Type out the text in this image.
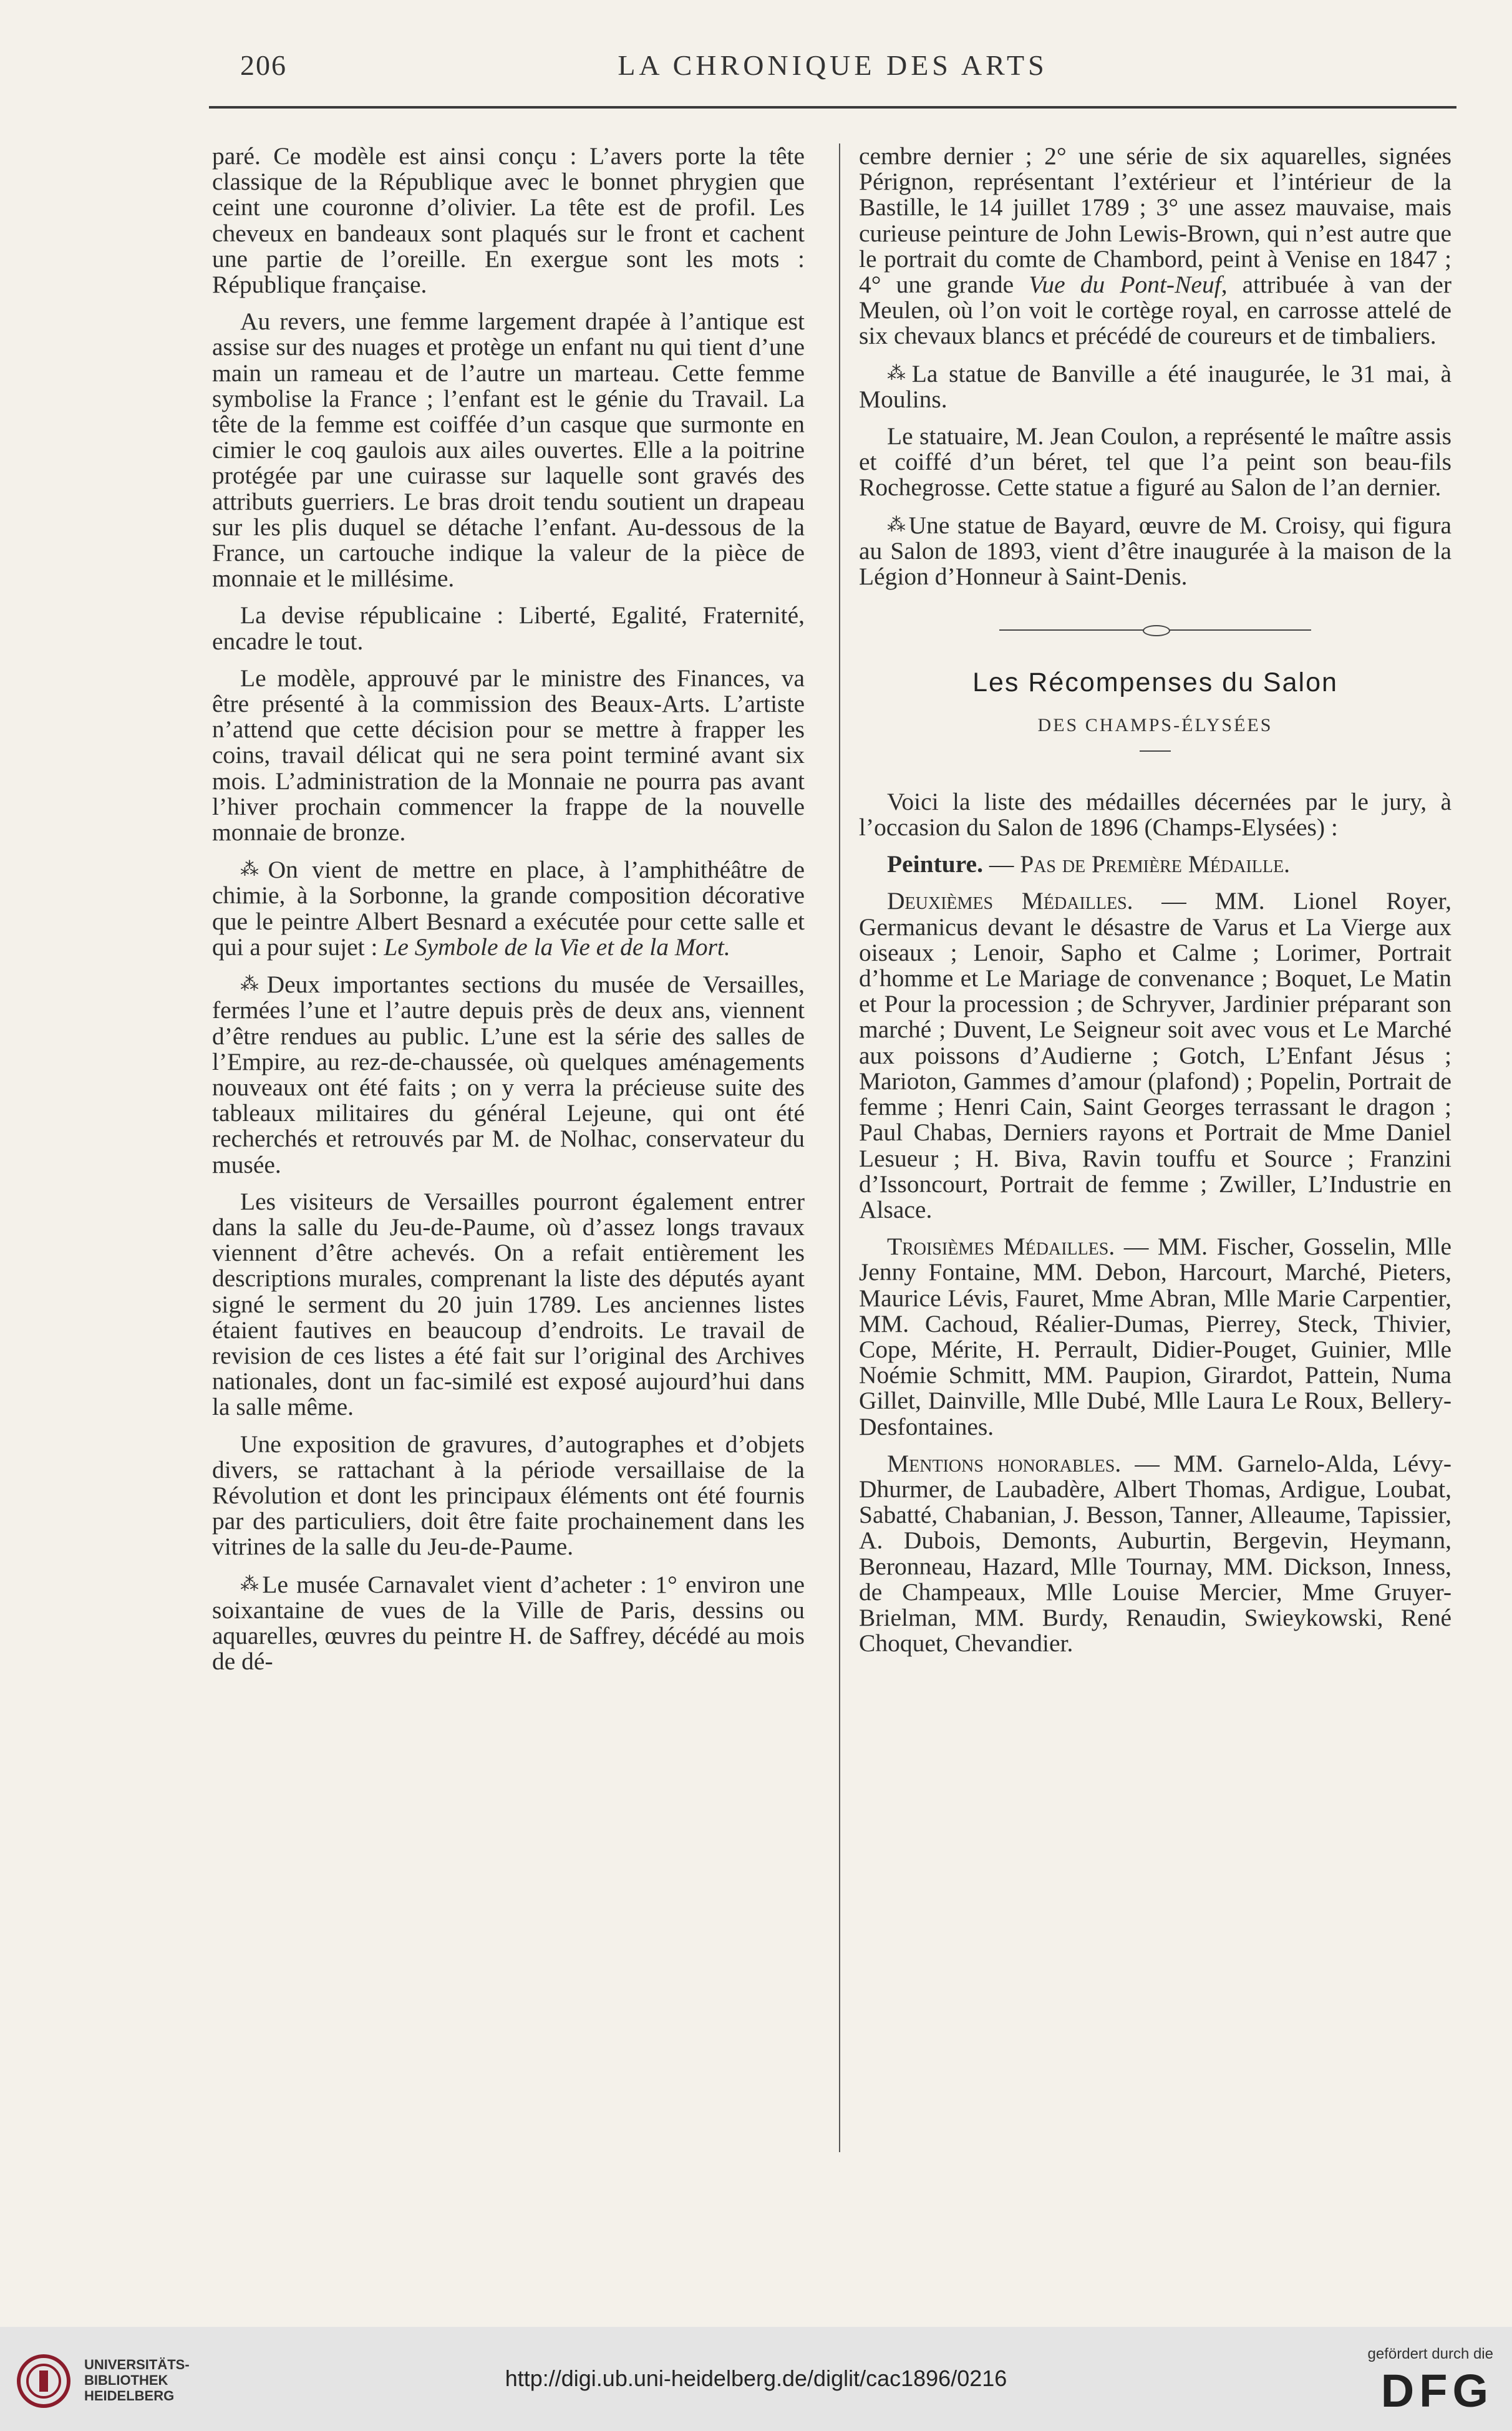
206	LA CHRONIQUE DES ARTS

paré. Ce modèle est ainsi conçu : L’avers porte la tête classique de la République avec le bonnet phrygien que ceint une couronne d’olivier. La tête est de profil. Les cheveux en bandeaux sont plaqués sur le front et cachent une partie de l’oreille. En exergue sont les mots : République française.

Au revers, une femme largement drapée à l’antique est assise sur des nuages et protège un enfant nu qui tient d’une main un rameau et de l’autre un marteau. Cette femme symbolise la France ; l’enfant est le génie du Travail. La tête de la femme est coiffée d’un casque que surmonte en cimier le coq gaulois aux ailes ouvertes. Elle a la poitrine protégée par une cuirasse sur laquelle sont gravés des attributs guerriers. Le bras droit tendu soutient un drapeau sur les plis duquel se détache l’enfant. Au-dessous de la France, un cartouche indique la valeur de la pièce de monnaie et le millésime.

La devise républicaine : Liberté, Egalité, Fraternité, encadre le tout.

Le modèle, approuvé par le ministre des Finances, va être présenté à la commission des Beaux-Arts. L’artiste n’attend que cette décision pour se mettre à frapper les coins, travail délicat qui ne sera point terminé avant six mois. L’administration de la Monnaie ne pourra pas avant l’hiver prochain commencer la frappe de la nouvelle monnaie de bronze.

⁂ On vient de mettre en place, à l’amphithéâtre de chimie, à la Sorbonne, la grande composition décorative que le peintre Albert Besnard a exécutée pour cette salle et qui a pour sujet : Le Symbole de la Vie et de la Mort.

⁂ Deux importantes sections du musée de Versailles, fermées l’une et l’autre depuis près de deux ans, viennent d’être rendues au public. L’une est la série des salles de l’Empire, au rez-de-chaussée, où quelques aménagements nouveaux ont été faits ; on y verra la précieuse suite des tableaux militaires du général Lejeune, qui ont été recherchés et retrouvés par M. de Nolhac, conservateur du musée.

Les visiteurs de Versailles pourront également entrer dans la salle du Jeu-de-Paume, où d’assez longs travaux viennent d’être achevés. On a refait entièrement les descriptions murales, comprenant la liste des députés ayant signé le serment du 20 juin 1789. Les anciennes listes étaient fautives en beaucoup d’endroits. Le travail de revision de ces listes a été fait sur l’original des Archives nationales, dont un fac-similé est exposé aujourd’hui dans la salle même.

Une exposition de gravures, d’autographes et d’objets divers, se rattachant à la période versaillaise de la Révolution et dont les principaux éléments ont été fournis par des particuliers, doit être faite prochainement dans les vitrines de la salle du Jeu-de-Paume.

⁂ Le musée Carnavalet vient d’acheter : 1° environ une soixantaine de vues de la Ville de Paris, dessins ou aquarelles, œuvres du peintre H. de Saffrey, décédé au mois de dé-

cembre dernier ; 2° une série de six aquarelles, signées Pérignon, représentant l’extérieur et l’intérieur de la Bastille, le 14 juillet 1789 ; 3° une assez mauvaise, mais curieuse peinture de John Lewis-Brown, qui n’est autre que le portrait du comte de Chambord, peint à Venise en 1847 ; 4° une grande Vue du Pont-Neuf, attribuée à van der Meulen, où l’on voit le cortège royal, en carrosse attelé de six chevaux blancs et précédé de coureurs et de timbaliers.

⁂ La statue de Banville a été inaugurée, le 31 mai, à Moulins.

Le statuaire, M. Jean Coulon, a représenté le maître assis et coiffé d’un béret, tel que l’a peint son beau-fils Rochegrosse. Cette statue a figuré au Salon de l’an dernier.

⁂ Une statue de Bayard, œuvre de M. Croisy, qui figura au Salon de 1893, vient d’être inaugurée à la maison de la Légion d’Honneur à Saint-Denis.

Les Récompenses du Salon
DES CHAMPS-ÉLYSÉES

Voici la liste des médailles décernées par le jury, à l’occasion du Salon de 1896 (Champs-Elysées) :

Peinture. — Pas de Première Médaille.

Deuxièmes Médailles. — MM. Lionel Royer, Germanicus devant le désastre de Varus et La Vierge aux oiseaux ; Lenoir, Sapho et Calme ; Lorimer, Portrait d’homme et Le Mariage de convenance ; Boquet, Le Matin et Pour la procession ; de Schryver, Jardinier préparant son marché ; Duvent, Le Seigneur soit avec vous et Le Marché aux poissons d’Audierne ; Gotch, L’Enfant Jésus ; Marioton, Gammes d’amour (plafond) ; Popelin, Portrait de femme ; Henri Cain, Saint Georges terrassant le dragon ; Paul Chabas, Derniers rayons et Portrait de Mme Daniel Lesueur ; H. Biva, Ravin touffu et Source ; Franzini d’Issoncourt, Portrait de femme ; Zwiller, L’Industrie en Alsace.

Troisièmes Médailles. — MM. Fischer, Gosselin, Mlle Jenny Fontaine, MM. Debon, Harcourt, Marché, Pieters, Maurice Lévis, Fauret, Mme Abran, Mlle Marie Carpentier, MM. Cachoud, Réalier-Dumas, Pierrey, Steck, Thivier, Cope, Mérite, H. Perrault, Didier-Pouget, Guinier, Mlle Noémie Schmitt, MM. Paupion, Girardot, Pattein, Numa Gillet, Dainville, Mlle Dubé, Mlle Laura Le Roux, Bellery-Desfontaines.

Mentions honorables. — MM. Garnelo-Alda, Lévy-Dhurmer, de Laubadère, Albert Thomas, Ardigue, Loubat, Sabatté, Chabanian, J. Besson, Tanner, Alleaume, Tapissier, A. Dubois, Demonts, Auburtin, Bergevin, Heymann, Beronneau, Hazard, Mlle Tournay, MM. Dickson, Inness, de Champeaux, Mlle Louise Mercier, Mme Gruyer-Brielman, MM. Burdy, Renaudin, Swieykowski, René Choquet, Chevandier.

UNIVERSITÄTS-
BIBLIOTHEK
HEIDELBERG
http://digi.ub.uni-heidelberg.de/diglit/cac1896/0216
gefördert durch die
DFG
